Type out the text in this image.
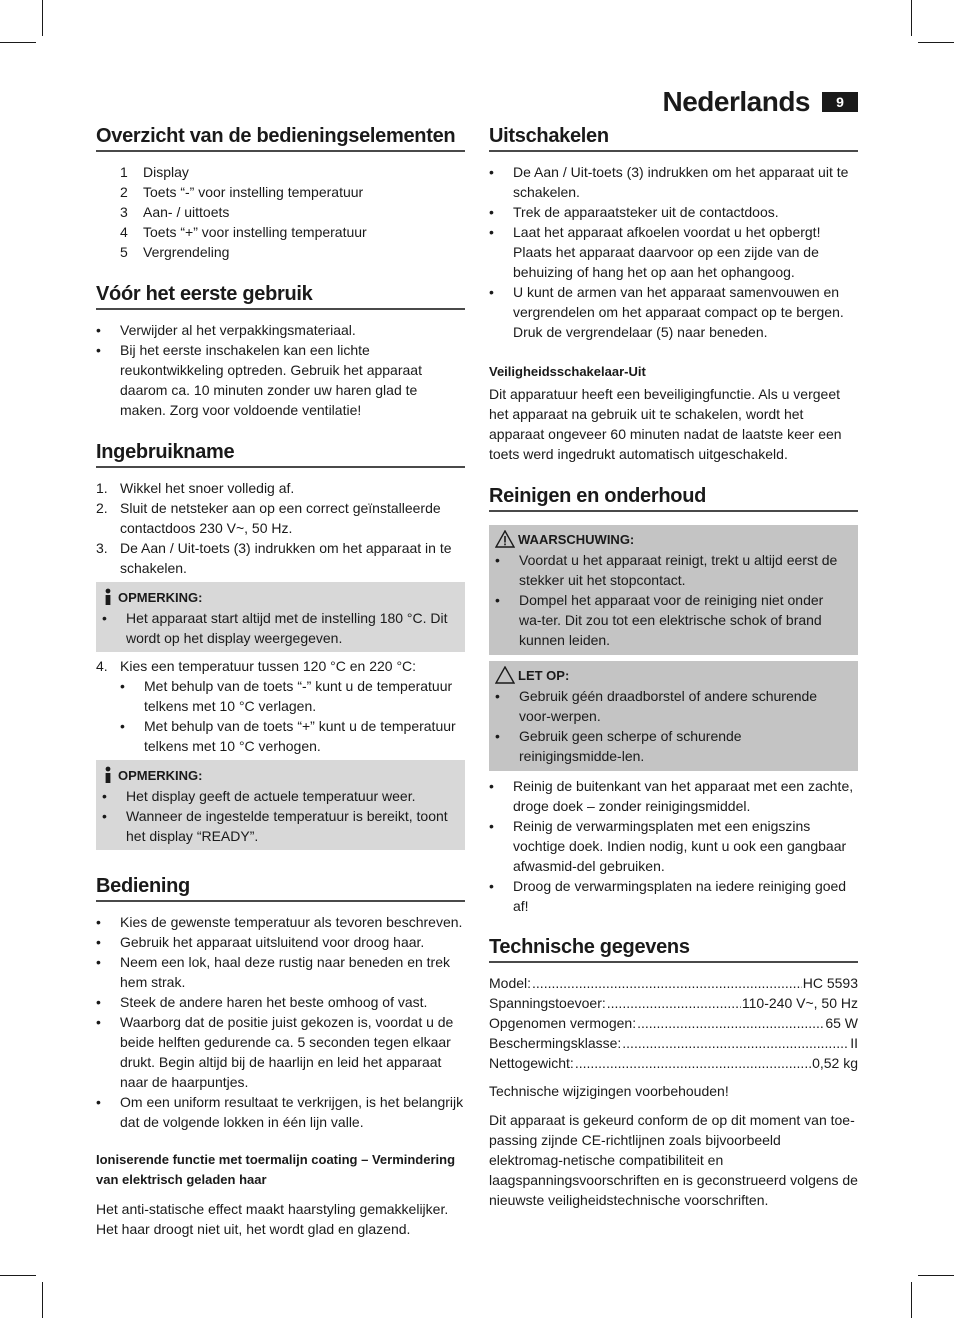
Nederlands	9
Overzicht van de bedieningselementen
1 Display
2 Toets “-” voor instelling temperatuur
3 Aan- / uittoets
4 Toets “+” voor instelling temperatuur
5 Vergrendeling
Vóór het eerste gebruik
• Verwijder al het verpakkingsmateriaal.
• Bij het eerste inschakelen kan een lichte reukontwikkeling optreden. Gebruik het apparaat daarom ca. 10 minuten zonder uw haren glad te maken. Zorg voor voldoende ventilatie!
Ingebruikname
1. Wikkel het snoer volledig af.
2. Sluit de netsteker aan op een correct geïnstalleerde contactdoos 230 V~, 50 Hz.
3. De Aan / Uit-toets (3) indrukken om het apparaat in te schakelen.
OPMERKING:
• Het apparaat start altijd met de instelling 180 °C. Dit wordt op het display weergegeven.
4. Kies een temperatuur tussen 120 °C en 220 °C:
• Met behulp van de toets “-” kunt u de temperatuur telkens met 10 °C verlagen.
• Met behulp van de toets “+” kunt u de temperatuur telkens met 10 °C verhogen.
OPMERKING:
• Het display geeft de actuele temperatuur weer.
• Wanneer de ingestelde temperatuur is bereikt, toont het display “READY”.
Bediening
• Kies de gewenste temperatuur als tevoren beschreven.
• Gebruik het apparaat uitsluitend voor droog haar.
• Neem een lok, haal deze rustig naar beneden en trek hem strak.
• Steek de andere haren het beste omhoog of vast.
• Waarborg dat de positie juist gekozen is, voordat u de beide helften gedurende ca. 5 seconden tegen elkaar drukt. Begin altijd bij de haarlijn en leid het apparaat naar de haarpuntjes.
• Om een uniform resultaat te verkrijgen, is het belangrijk dat de volgende lokken in één lijn valle.
Ioniserende functie met toermalijn coating – Vermindering van elektrisch geladen haar
Het anti-statische effect maakt haarstyling gemakkelijker. Het haar droogt niet uit, het wordt glad en glazend.
Uitschakelen
• De Aan / Uit-toets (3) indrukken om het apparaat uit te schakelen.
• Trek de apparaatsteker uit de contactdoos.
• Laat het apparaat afkoelen voordat u het opbergt! Plaats het apparaat daarvoor op een zijde van de behuizing of hang het op aan het ophangoog.
• U kunt de armen van het apparaat samenvouwen en vergrendelen om het apparaat compact op te bergen. Druk de vergrendelaar (5) naar beneden.
Veiligheidsschakelaar-Uit
Dit apparatuur heeft een beveiligingfunctie. Als u vergeet het apparaat na gebruik uit te schakelen, wordt het apparaat ongeveer 60 minuten nadat de laatste keer een toets werd ingedrukt automatisch uitgeschakeld.
Reinigen en onderhoud
WAARSCHUWING:
• Voordat u het apparaat reinigt, trekt u altijd eerst de stekker uit het stopcontact.
• Dompel het apparaat voor de reiniging niet onder wa-ter. Dit zou tot een elektrische schok of brand kunnen leiden.
LET OP:
• Gebruik géén draadborstel of andere schurende voor-werpen.
• Gebruik geen scherpe of schurende reinigingsmidde-len.
• Reinig de buitenkant van het apparaat met een zachte, droge doek – zonder reinigingsmiddel.
• Reinig de verwarmingsplaten met een enigszins vochtige doek. Indien nodig, kunt u ook een gangbaar afwasmid-del gebruiken.
• Droog de verwarmingsplaten na iedere reiniging goed af!
Technische gegevens
Model: .....	HC 5593
Spanningstoevoer: .....	110-240 V~, 50 Hz
Opgenomen vermogen: .....	65 W
Beschermingsklasse: .....	II
Nettogewicht: .....	0,52 kg
Technische wijzigingen voorbehouden!
Dit apparaat is gekeurd conform de op dit moment van toe-passing zijnde CE-richtlijnen zoals bijvoorbeeld elektromag-netische compatibiliteit en laagspanningsvoorschriften en is geconstrueerd volgens de nieuwste veiligheidstechnische voorschriften.
